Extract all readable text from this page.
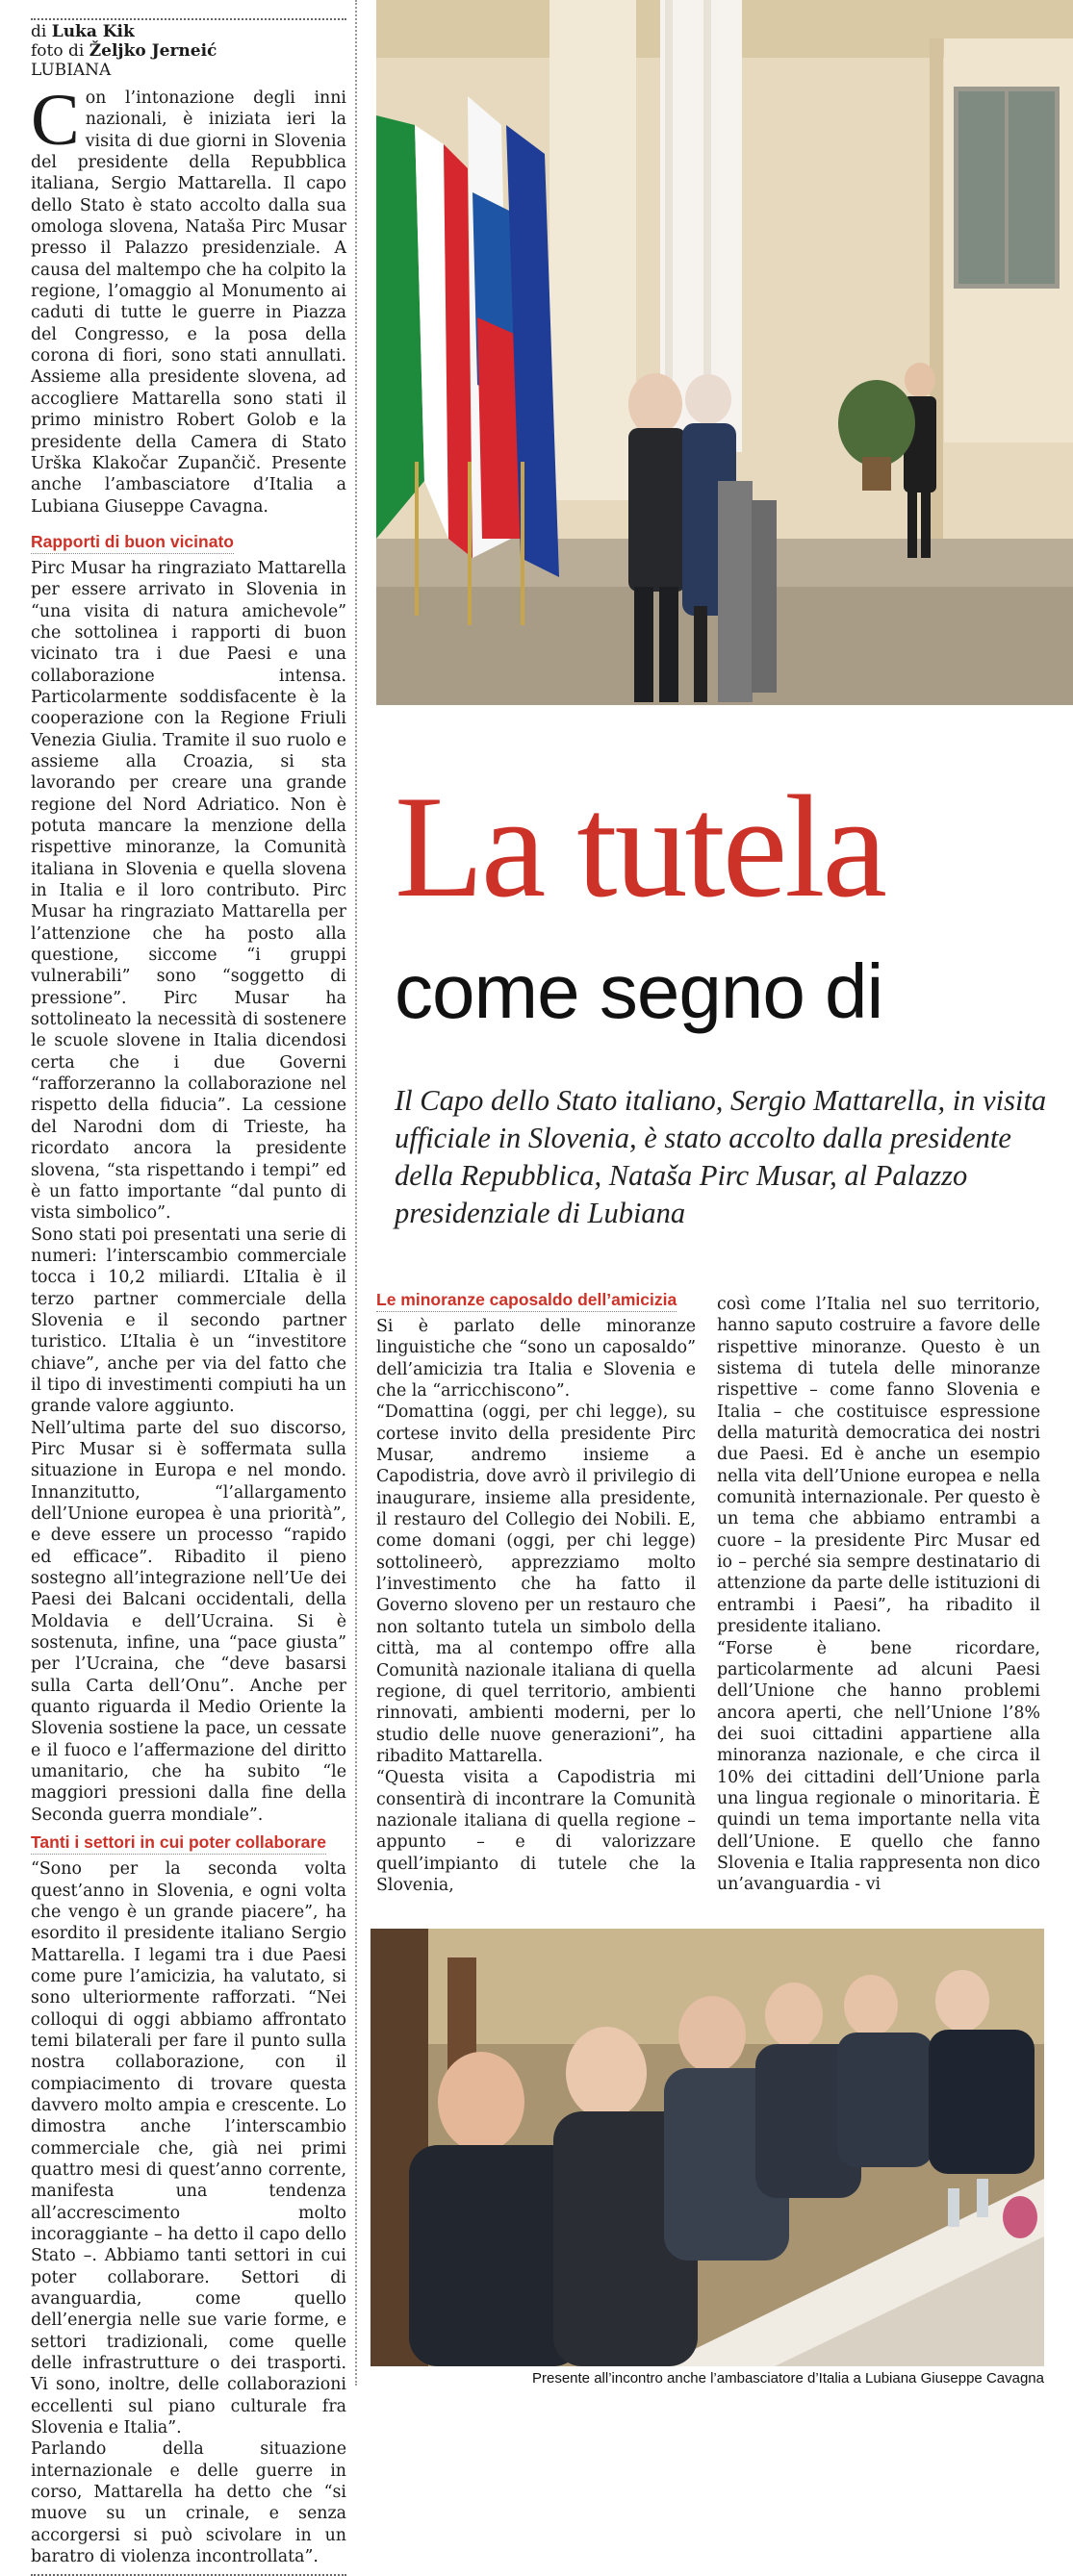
di Luka Kik
foto di Željko Jerneić
LUBIANA

Con l’intonazione degli inni nazionali, è iniziata ieri la visita di due giorni in Slovenia del presidente della Repubblica italiana, Sergio Mattarella. Il capo dello Stato è stato accolto dalla sua omologa slovena, Nataša Pirc Musar presso il Palazzo presidenziale. A causa del maltempo che ha colpito la regione, l’omaggio al Monumento ai caduti di tutte le guerre in Piazza del Congresso, e la posa della corona di fiori, sono stati annullati. Assieme alla presidente slovena, ad accogliere Mattarella sono stati il primo ministro Robert Golob e la presidente della Camera di Stato Urška Klakočar Zupančič. Presente anche l’ambasciatore d’Italia a Lubiana Giuseppe Cavagna.

Rapporti di buon vicinato

Pirc Musar ha ringraziato Mattarella per essere arrivato in Slovenia in “una visita di natura amichevole” che sottolinea i rapporti di buon vicinato tra i due Paesi e una collaborazione intensa. Particolarmente soddisfacente è la cooperazione con la Regione Friuli Venezia Giulia. Tramite il suo ruolo e assieme alla Croazia, si sta lavorando per creare una grande regione del Nord Adriatico. Non è potuta mancare la menzione della rispettive minoranze, la Comunità italiana in Slovenia e quella slovena in Italia e il loro contributo. Pirc Musar ha ringraziato Mattarella per l’attenzione che ha posto alla questione, siccome “i gruppi vulnerabili” sono “soggetto di pressione”. Pirc Musar ha sottolineato la necessità di sostenere le scuole slovene in Italia dicendosi certa che i due Governi “rafforzeranno la collaborazione nel rispetto della fiducia”. La cessione del Narodni dom di Trieste, ha ricordato ancora la presidente slovena, “sta rispettando i tempi” ed è un fatto importante “dal punto di vista simbolico”.

Sono stati poi presentati una serie di numeri: l’interscambio commerciale tocca i 10,2 miliardi. L’Italia è il terzo partner commerciale della Slovenia e il secondo partner turistico. L’Italia è un “investitore chiave”, anche per via del fatto che il tipo di investimenti compiuti ha un grande valore aggiunto.

Nell’ultima parte del suo discorso, Pirc Musar si è soffermata sulla situazione in Europa e nel mondo. Innanzitutto, “l’allargamento dell’Unione europea è una priorità”, e deve essere un processo “rapido ed efficace”. Ribadito il pieno sostegno all’integrazione nell’Ue dei Paesi dei Balcani occidentali, della Moldavia e dell’Ucraina. Si è sostenuta, infine, una “pace giusta” per l’Ucraina, che “deve basarsi sulla Carta dell’Onu”. Anche per quanto riguarda il Medio Oriente la Slovenia sostiene la pace, un cessate e il fuoco e l’affermazione del diritto umanitario, che ha subito “le maggiori pressioni dalla fine della Seconda guerra mondiale”.

Tanti i settori in cui poter collaborare

“Sono per la seconda volta quest’anno in Slovenia, e ogni volta che vengo è un grande piacere”, ha esordito il presidente italiano Sergio Mattarella. I legami tra i due Paesi come pure l’amicizia, ha valutato, si sono ulteriormente rafforzati. “Nei colloqui di oggi abbiamo affrontato temi bilaterali per fare il punto sulla nostra collaborazione, con il compiacimento di trovare questa davvero molto ampia e crescente. Lo dimostra anche l’interscambio commerciale che, già nei primi quattro mesi di quest’anno corrente, manifesta una tendenza all’accrescimento molto incoraggiante – ha detto il capo dello Stato –. Abbiamo tanti settori in cui poter collaborare. Settori di avanguardia, come quello dell’energia nelle sue varie forme, e settori tradizionali, come quelle delle infrastrutture o dei trasporti. Vi sono, inoltre, delle collaborazioni eccellenti sul piano culturale fra Slovenia e Italia”.

Parlando della situazione internazionale e delle guerre in corso, Mattarella ha detto che “si muove su un crinale, e senza accorgersi si può scivolare in un baratro di violenza incontrollata”.

La tutela
come segno di
Il Capo dello Stato italiano, Sergio Mattarella, in visita ufficiale in Slovenia, è stato accolto dalla presidente della Repubblica, Nataša Pirc Musar, al Palazzo presidenziale di Lubiana
Le minoranze caposaldo dell’amicizia

Si è parlato delle minoranze linguistiche che “sono un caposaldo” dell’amicizia tra Italia e Slovenia e che la “arricchiscono”.

“Domattina (oggi, per chi legge), su cortese invito della presidente Pirc Musar, andremo insieme a Capodistria, dove avrò il privilegio di inaugurare, insieme alla presidente, il restauro del Collegio dei Nobili. E, come domani (oggi, per chi legge) sottolineerò, apprezziamo molto l’investimento che ha fatto il Governo sloveno per un restauro che non soltanto tutela un simbolo della città, ma al contempo offre alla Comunità nazionale italiana di quella regione, di quel territorio, ambienti rinnovati, ambienti moderni, per lo studio delle nuove generazioni”, ha ribadito Mattarella.

“Questa visita a Capodistria mi consentirà di incontrare la Comunità nazionale italiana di quella regione – appunto – e di valorizzare quell’impianto di tutele che la Slovenia,

così come l’Italia nel suo territorio, hanno saputo costruire a favore delle rispettive minoranze. Questo è un sistema di tutela delle minoranze rispettive – come fanno Slovenia e Italia – che costituisce espressione della maturità democratica dei nostri due Paesi. Ed è anche un esempio nella vita dell’Unione europea e nella comunità internazionale. Per questo è un tema che abbiamo entrambi a cuore – la presidente Pirc Musar ed io – perché sia sempre destinatario di attenzione da parte delle istituzioni di entrambi i Paesi”, ha ribadito il presidente italiano.

“Forse è bene ricordare, particolarmente ad alcuni Paesi dell’Unione che hanno problemi ancora aperti, che nell’Unione l’8% dei suoi cittadini appartiene alla minoranza nazionale, e che circa il 10% dei cittadini dell’Unione parla una lingua regionale o minoritaria. È quindi un tema importante nella vita dell’Unione. E quello che fanno Slovenia e Italia rappresenta non dico un’avanguardia - vi

Presente all’incontro anche l’ambasciatore d’Italia a Lubiana Giuseppe Cavagna
